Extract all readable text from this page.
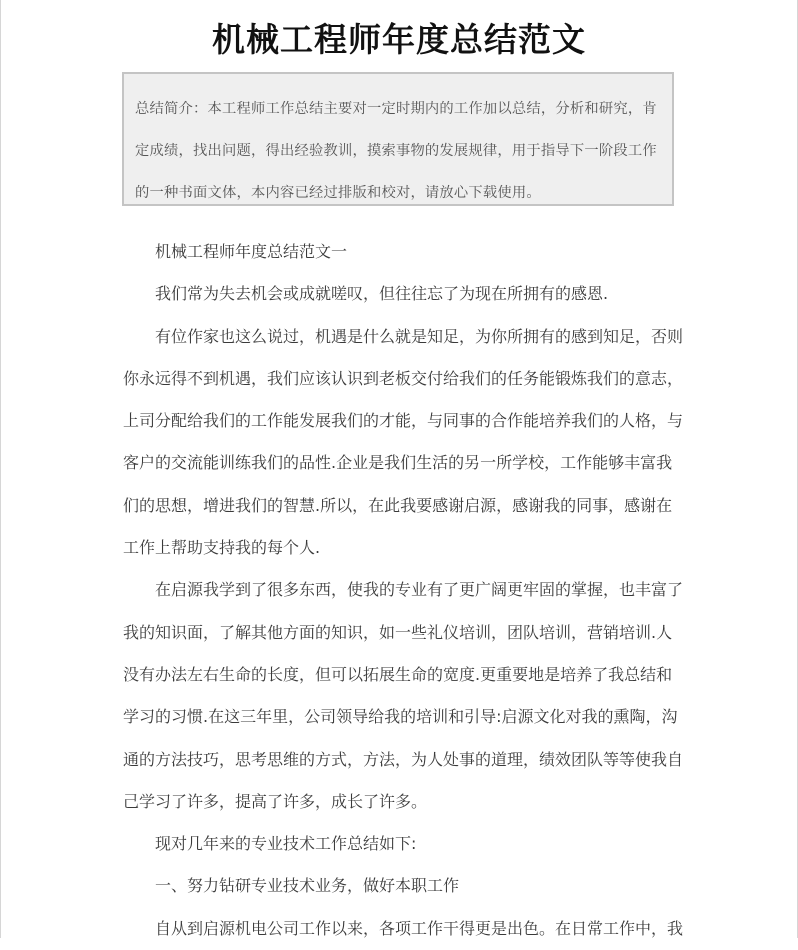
机械工程师年度总结范文

总结简介：本工程师工作总结主要对一定时期内的工作加以总结，分析和研究，肯

定成绩，找出问题，得出经验教训，摸索事物的发展规律，用于指导下一阶段工作

的一种书面文体，本内容已经过排版和校对，请放心下载使用。

机械工程师年度总结范文一
我们常为失去机会或成就嗟叹，但往往忘了为现在所拥有的感恩.
有位作家也这么说过，机遇是什么就是知足，为你所拥有的感到知足，否则
你永远得不到机遇，我们应该认识到老板交付给我们的任务能锻炼我们的意志，
上司分配给我们的工作能发展我们的才能，与同事的合作能培养我们的人格，与
客户的交流能训练我们的品性.企业是我们生活的另一所学校，工作能够丰富我
们的思想，增进我们的智慧.所以，在此我要感谢启源，感谢我的同事，感谢在
工作上帮助支持我的每个人.
在启源我学到了很多东西，使我的专业有了更广阔更牢固的掌握，也丰富了
我的知识面，了解其他方面的知识，如一些礼仪培训，团队培训，营销培训.人
没有办法左右生命的长度，但可以拓展生命的宽度.更重要地是培养了我总结和
学习的习惯.在这三年里，公司领导给我的培训和引导:启源文化对我的熏陶，沟
通的方法技巧，思考思维的方式，方法，为人处事的道理，绩效团队等等使我自
己学习了许多，提高了许多，成长了许多。
现对几年来的专业技术工作总结如下:
一、努力钻研专业技术业务，做好本职工作
自从到启源机电公司工作以来，各项工作干得更是出色。在日常工作中，我
